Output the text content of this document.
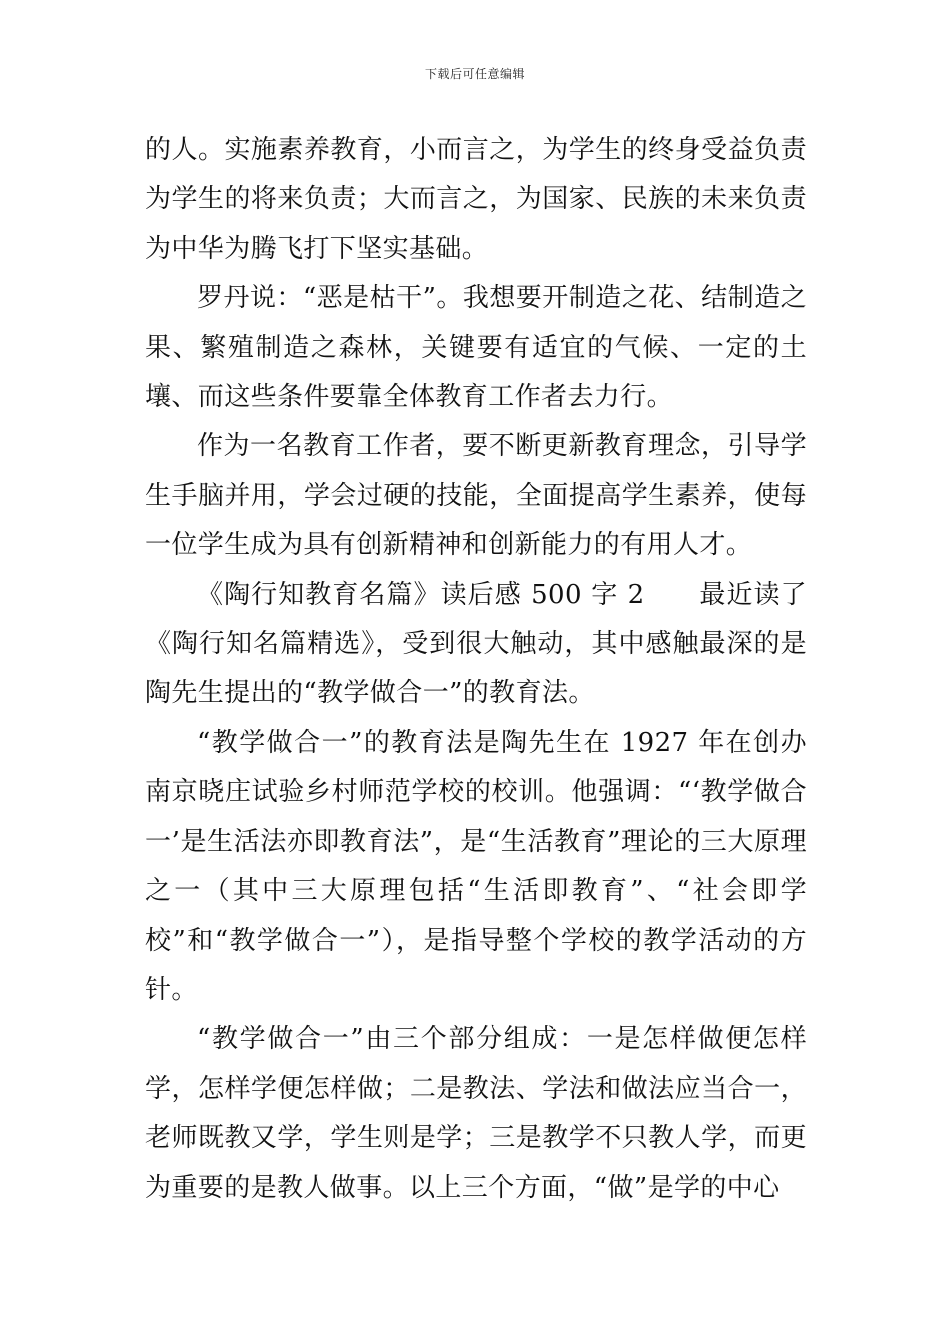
下载后可任意编辑

的人。实施素养教育，小而言之，为学生的终身受益负责为学生的将来负责；大而言之，为国家、民族的未来负责为中华为腾飞打下坚实基础。

罗丹说：“恶是枯干”。我想要开制造之花、结制造之果、繁殖制造之森林，关键要有适宜的气候、一定的土壤、而这些条件要靠全体教育工作者去力行。

作为一名教育工作者，要不断更新教育理念，引导学生手脑并用，学会过硬的技能，全面提高学生素养，使每一位学生成为具有创新精神和创新能力的有用人才。

《陶行知教育名篇》读后感 500 字 2　　最近读了《陶行知名篇精选》，受到很大触动，其中感触最深的是陶先生提出的“教学做合一”的教育法。

“教学做合一”的教育法是陶先生在 1927 年在创办南京晓庄试验乡村师范学校的校训。他强调：“‘教学做合一’是生活法亦即教育法”，是“生活教育”理论的三大原理之一（其中三大原理包括“生活即教育”、“社会即学校”和“教学做合一”），是指导整个学校的教学活动的方针。

“教学做合一”由三个部分组成：一是怎样做便怎样学，怎样学便怎样做；二是教法、学法和做法应当合一，老师既教又学，学生则是学；三是教学不只教人学，而更为重要的是教人做事。以上三个方面，“做”是学的中心
